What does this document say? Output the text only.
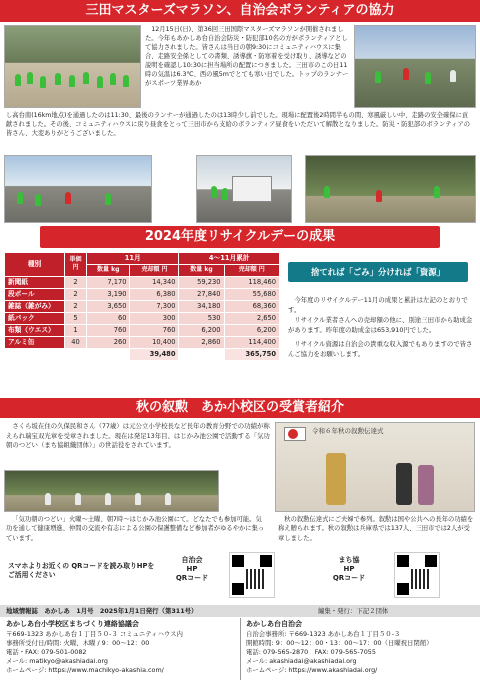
三田マスターズマラソン、自治会ボランティアの協力

12月15日(日)、第36回三田国際マスターズマラソンが開催されました。今年もあかしあ台自治会防災・防犯部10名の方がボランティアとして協力されました。皆さんは当日の朝9:30にコミュニティハウスに集合、走路安全係としての書類、誘導旗・防寒着を受け取り、誘導などの説明を確認し10:30に担当場所の配置につきました。三田市のこの日11時の気温は6.3℃、西の風5mでとても寒い日でした。トップのランナーがスポーツ業界あか

し高台南(16km地点)を通過したのは11:30、最後のランナーが通過したのは13時少し前でした。現場に配置後2時間半もの間、寒風厳しい中、走路の安全確保に貢献されました。その後、コミュニティハウスに戻り昼食をとって三田市から支給のボランティア昼食をいただいて解散となりました。防災・防犯部のボランティアの皆さん、大変ありがとうございました。

2024年度リサイクルデーの成果
種別	単価 円	11月		4～11月累計	
		数量 kg	売却額 円	数量 kg	売却額 円
新聞紙	2	7,170	14,340	59,230	118,460
段ボール	2	3,190	6,380	27,840	55,680
雑誌（雑がみ）	2	3,650	7,300	34,180	68,360
紙パック	5	60	300	530	2,650
布類（ウエス）	1	760	760	6,200	6,200
アルミ缶	40	260	10,400	2,860	114,400
			39,480		365,750
捨てれば「ごみ」分ければ「資源」

今年度のリサイクルデー11月の成果と累計は左記のとおりです。

リサイクル業者さんへの売却額の他に、別途三田市から助成金があります。昨年度の助成金は653,910円でした。

リサイクル資源は自治会の貴重な収入源でもありますので皆さんご協力をお願いします。

秋の叙勲　あか小校区の受賞者紹介

さくら坂在住の久保民和さん（77歳）は元公立小学校長など長年の教育分野での功績が称えられ瑞宝双光章を受章されました。現在は発足13年目、はじかみ池公園で活動する「気功朝のつどい（まち協組織団体）」の世話役をされています。

令和６年秋の叙勲伝達式

「気功朝のつどい」火曜～土曜、朝7時～はじかみ池公園にて。どなたでも参加可能。気功を通して健康増進、仲間の交流や有志による公園の保護整備など参加者がゆるやかに集っています。

秋の叙勲伝達式にご夫婦で参列。叙勲は国や公共への長年の功績を称え贈られます。秋の叙勲は兵庫県では137人、三田市では2人が受章しました。

スマホよりお近くの QRコードを読み取りHPをご活用ください
自治会
HP
QRコード
まち協
HP
QRコード
地域情報誌　あかしあ　1月号　2025年1月1日発行（第311号）	編集・発行：下記２団体
あかしあ台小学校区まちづくり連絡協議会
〒669-1323 あかしあ台１丁目５０-３ コミュニティハウス内
事務所受付日/時間: 火曜、木曜 / 9：00～12：00
電話・FAX: 079-501-0082
メール: matikyo@akashiadai.org
ホームページ: https://www.machikyo-akashia.com/
あかしあ台自治会
自治会事務所: 〒669-1323 あかしあ台１丁目５０-３
開館時間: 9：00～12：00・13：00～17：00（日曜祝日閉館）
電話: 079-565-2870　FAX: 079-565-7055
メール: akashiadai@akashiadai.org
ホームページ: https://www.akashiadai.org/
